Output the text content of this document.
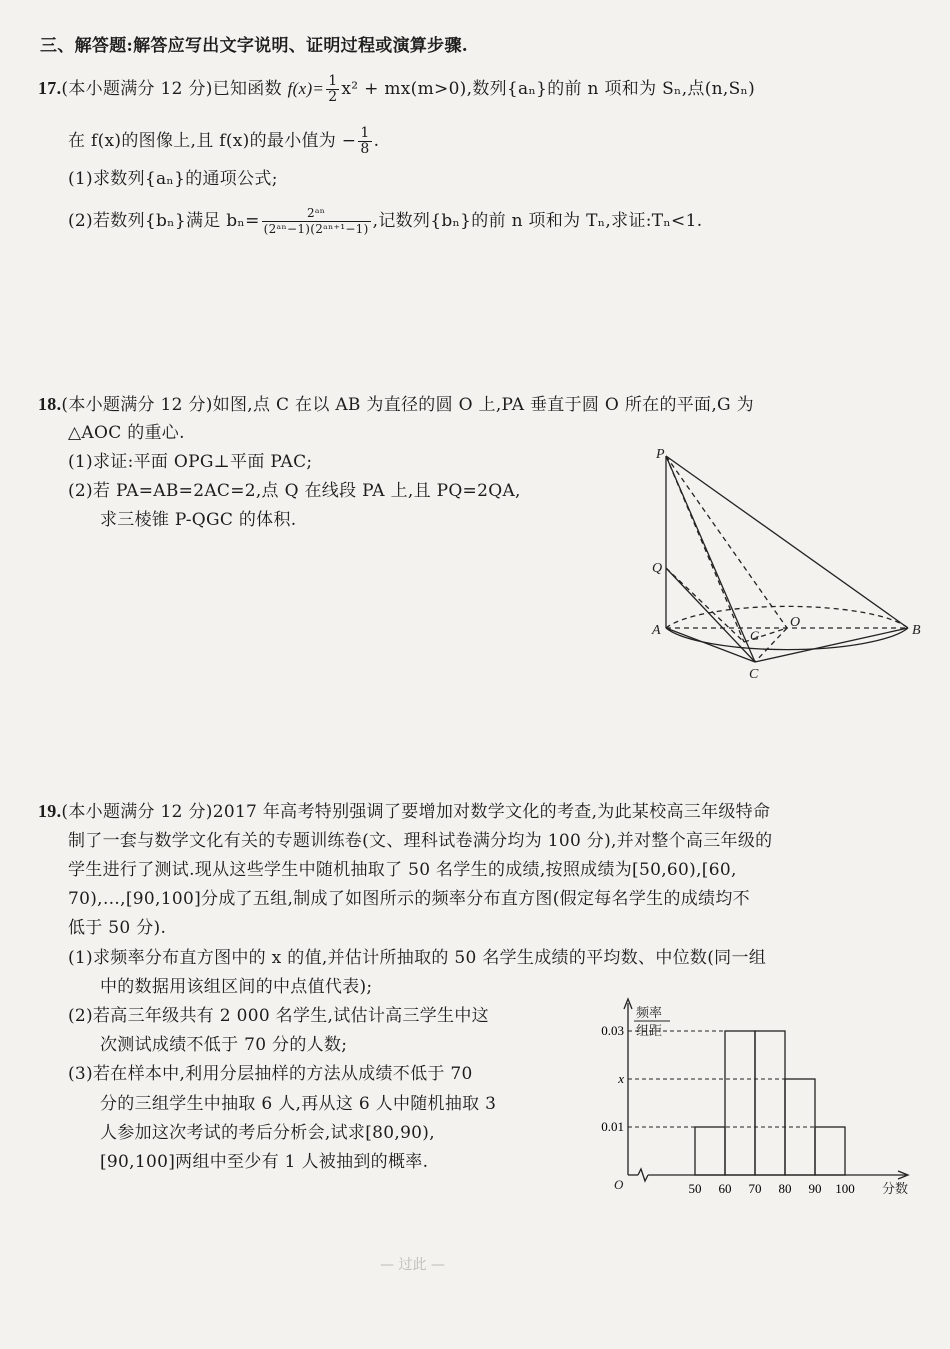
三、解答题:解答应写出文字说明、证明过程或演算步骤.
17.(本小题满分 12 分)已知函数 $f(x)= \frac{1}{2} x^2 + mx(m>0)$,数列{aₙ}的前 n 项和为 Sₙ,点(n,Sₙ)
在 f(x)的图像上,且 f(x)的最小值为 − $\frac{1}{8}$ .
(1)求数列{aₙ}的通项公式;
(2)若数列{bₙ}满足 $b_n= \frac{\text{2ᵃⁿ}}{\text{(2ᵃⁿ−1)(2ᵃⁿ⁺¹−1)}}$ ,记数列{bₙ}的前 n 项和为 Tₙ,求证:Tₙ<1.
18.(本小题满分 12 分)如图,点 C 在以 AB 为直径的圆 O 上,PA 垂直于圆 O 所在的平面,G 为
△AOC 的重心.
(1)求证:平面 OPG⊥平面 PAC;
(2)若 PA=AB=2AC=2,点 Q 在线段 PA 上,且 PQ=2QA,
求三棱锥 P-QGC 的体积.
P
Q
A	G
O
B
C
19.(本小题满分 12 分)2017 年高考特别强调了要增加对数学文化的考查,为此某校高三年级特命
制了一套与数学文化有关的专题训练卷(文、理科试卷满分均为 100 分),并对整个高三年级的
学生进行了测试.现从这些学生中随机抽取了 50 名学生的成绩,按照成绩为[50,60),[60,
70),…,[90,100]分成了五组,制成了如图所示的频率分布直方图(假定每名学生的成绩均不
低于 50 分).
(1)求频率分布直方图中的 x 的值,并估计所抽取的 50 名学生成绩的平均数、中位数(同一组
中的数据用该组区间的中点值代表);
(2)若高三年级共有 2 000 名学生,试估计高三学生中这
次测试成绩不低于 70 分的人数;
(3)若在样本中,利用分层抽样的方法从成绩不低于 70
分的三组学生中抽取 6 人,再从这 6 人中随机抽取 3
人参加这次考试的考后分析会,试求[80,90),
[90,100]两组中至少有 1 人被抽到的概率.
0.03
x
0.01
50 60 70 80 90 100
频率
组距
分数
O
— 过此 —
